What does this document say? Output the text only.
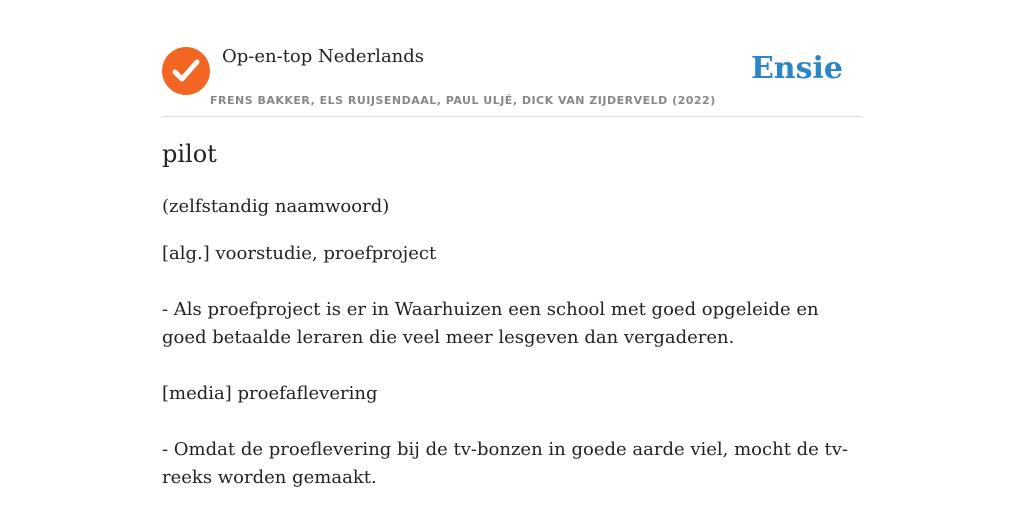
Op-en-top Nederlands
FRENS BAKKER, ELS RUIJSENDAAL, PAUL ULJÉ, DICK VAN ZIJDERVELD (2022)
Ensie
pilot

(zelfstandig naamwoord)

[alg.] voorstudie, proefproject

- Als proefproject is er in Waarhuizen een school met goed opgeleide en goed betaalde leraren die veel meer lesgeven dan vergaderen.

[media] proefaflevering

- Omdat de proeflevering bij de tv-bonzen in goede aarde viel, mocht de tv-reeks worden gemaakt.
